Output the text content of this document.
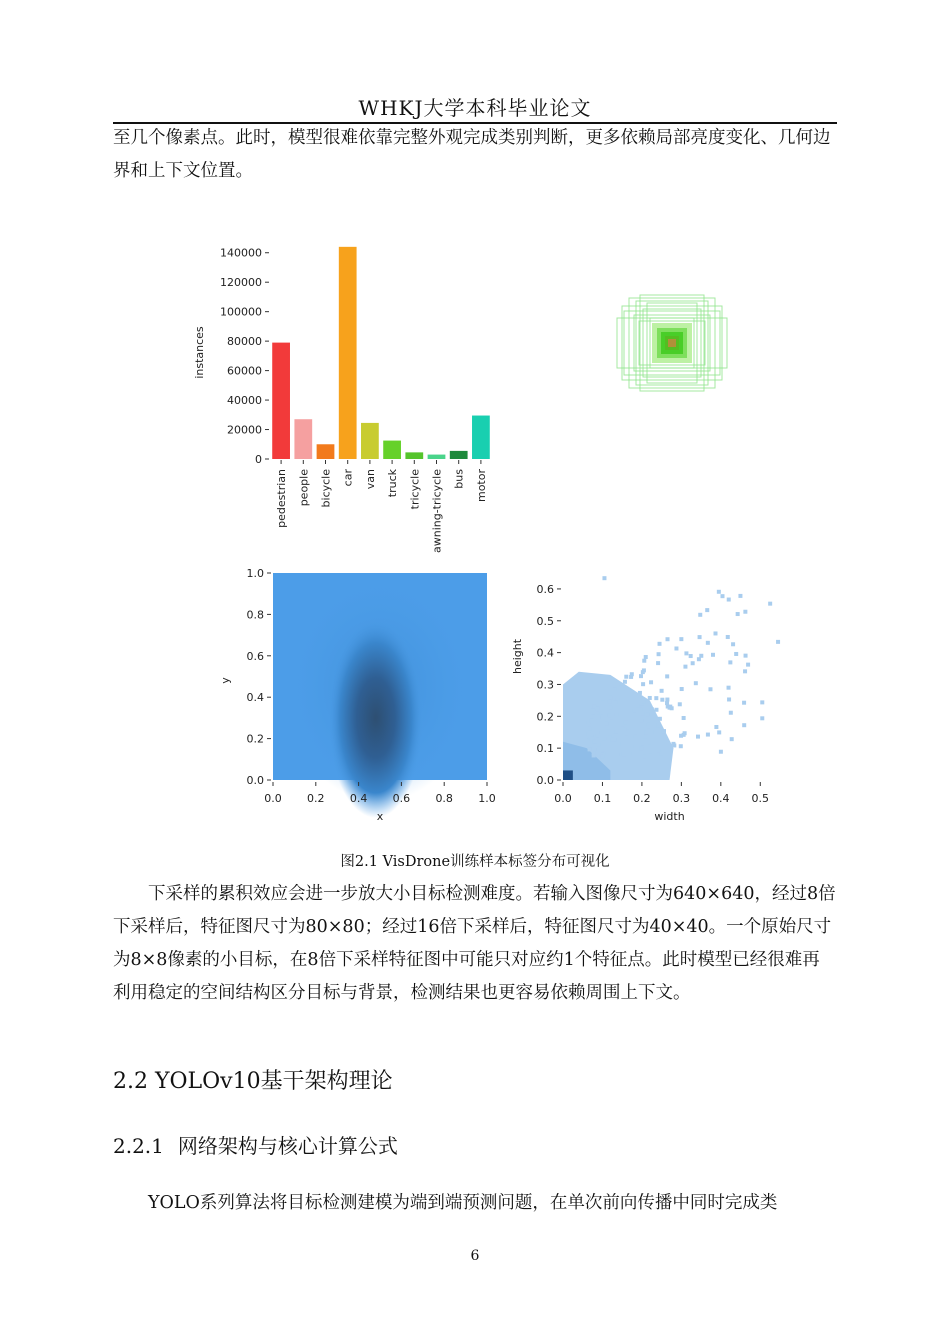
WHKJ大学本科毕业论文

至几个像素点。此时，模型很难依靠完整外观完成类别判断，更多依赖局部亮度变化、几何边界和上下文位置。

0
20000
40000
60000
80000
100000
120000
140000
instances
pedestrian people bicycle car van truck tricycle awning-tricycle bus motor
0.0 0.2 0.4 0.6 0.8 1.0
0.0
0.2
0.4
0.6
0.8
1.0
x
y
0.0 0.1 0.2 0.3 0.4 0.5
0.0
0.1
0.2
0.3
0.4
0.5
0.6
width
height
图2.1 VisDrone训练样本标签分布可视化

下采样的累积效应会进一步放大小目标检测难度。若输入图像尺寸为640×640，经过8倍下采样后，特征图尺寸为80×80；经过16倍下采样后，特征图尺寸为40×40。一个原始尺寸为8×8像素的小目标，在8倍下采样特征图中可能只对应约1个特征点。此时模型已经很难再利用稳定的空间结构区分目标与背景，检测结果也更容易依赖周围上下文。

2.2 YOLOv10基干架构理论
2.2.1 网络架构与核心计算公式

YOLO系列算法将目标检测建模为端到端预测问题，在单次前向传播中同时完成类

6
